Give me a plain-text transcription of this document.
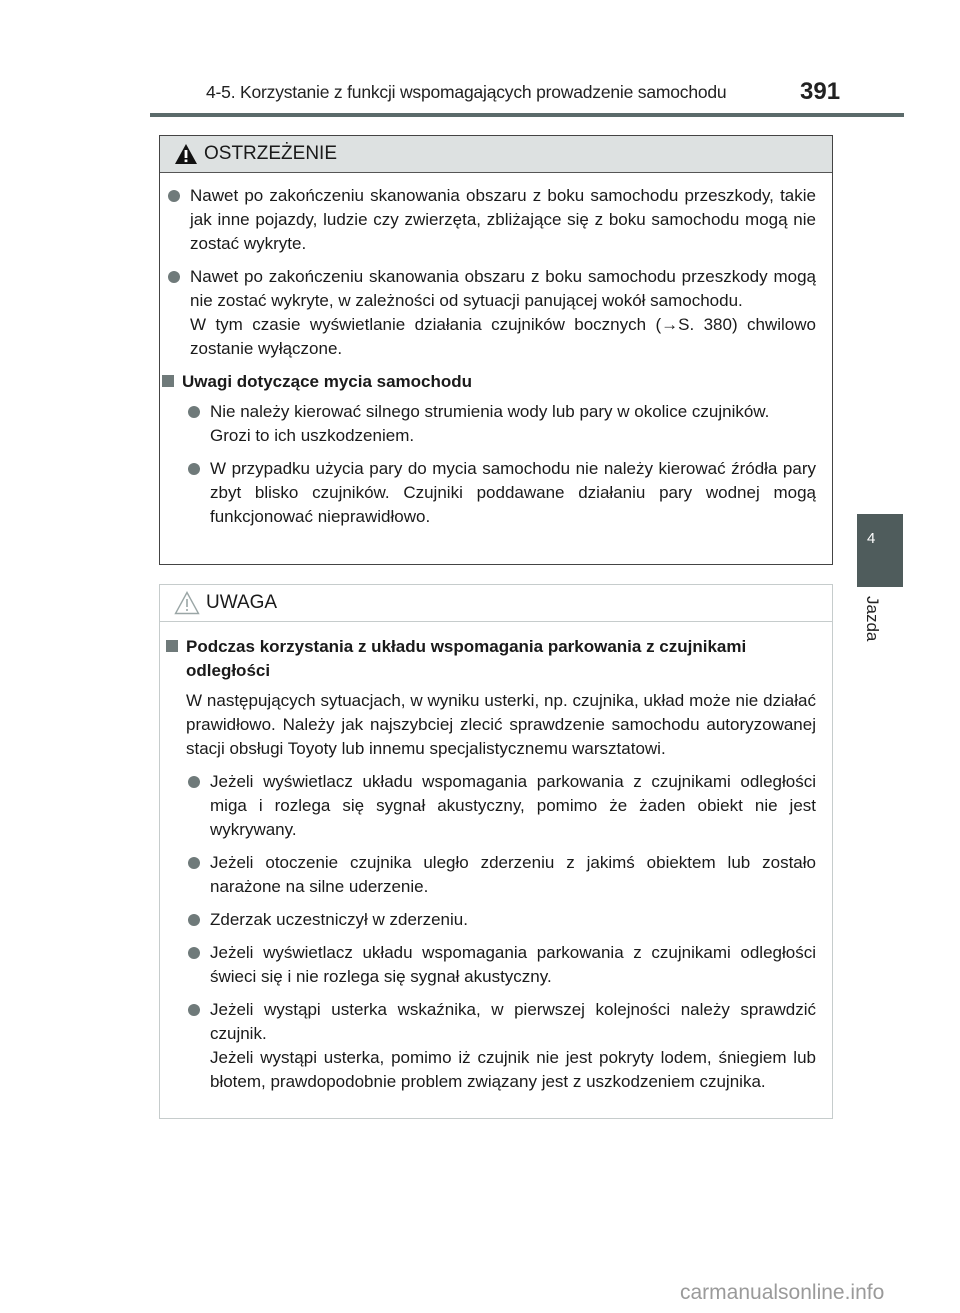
4-5. Korzystanie z funkcji wspomagających prowadzenie samochodu	391
OSTRZEŻENIE

Nawet po zakończeniu skanowania obszaru z boku samochodu przeszkody, takie jak inne pojazdy, ludzie czy zwierzęta, zbliżające się z boku samochodu mogą nie zostać wykryte.

Nawet po zakończeniu skanowania obszaru z boku samochodu przeszkody mogą nie zostać wykryte, w zależności od sytuacji panującej wokół samochodu.

W tym czasie wyświetlanie działania czujników bocznych (→S. 380) chwilowo zostanie wyłączone.

Uwagi dotyczące mycia samochodu

Nie należy kierować silnego strumienia wody lub pary w okolice czujników.

Grozi to ich uszkodzeniem.

W przypadku użycia pary do mycia samochodu nie należy kierować źródła pary zbyt blisko czujników. Czujniki poddawane działaniu pary wodnej mogą funkcjonować nieprawidłowo.

UWAGA
Podczas korzystania z układu wspomagania parkowania z czujnikami odległości
W następujących sytuacjach, w wyniku usterki, np. czujnika, układ może nie działać prawidłowo. Należy jak najszybciej zlecić sprawdzenie samochodu autoryzowanej stacji obsługi Toyoty lub innemu specjalistycznemu warsztatowi.

Jeżeli wyświetlacz układu wspomagania parkowania z czujnikami odległości miga i rozlega się sygnał akustyczny, pomimo że żaden obiekt nie jest wykrywany.

Jeżeli otoczenie czujnika uległo zderzeniu z jakimś obiektem lub zostało narażone na silne uderzenie.

Zderzak uczestniczył w zderzeniu.

Jeżeli wyświetlacz układu wspomagania parkowania z czujnikami odległości świeci się i nie rozlega się sygnał akustyczny.

Jeżeli wystąpi usterka wskaźnika, w pierwszej kolejności należy sprawdzić czujnik.

Jeżeli wystąpi usterka, pomimo iż czujnik nie jest pokryty lodem, śniegiem lub błotem, prawdopodobnie problem związany jest z uszkodzeniem czujnika.

4
Jazda
carmanualsonline.info
